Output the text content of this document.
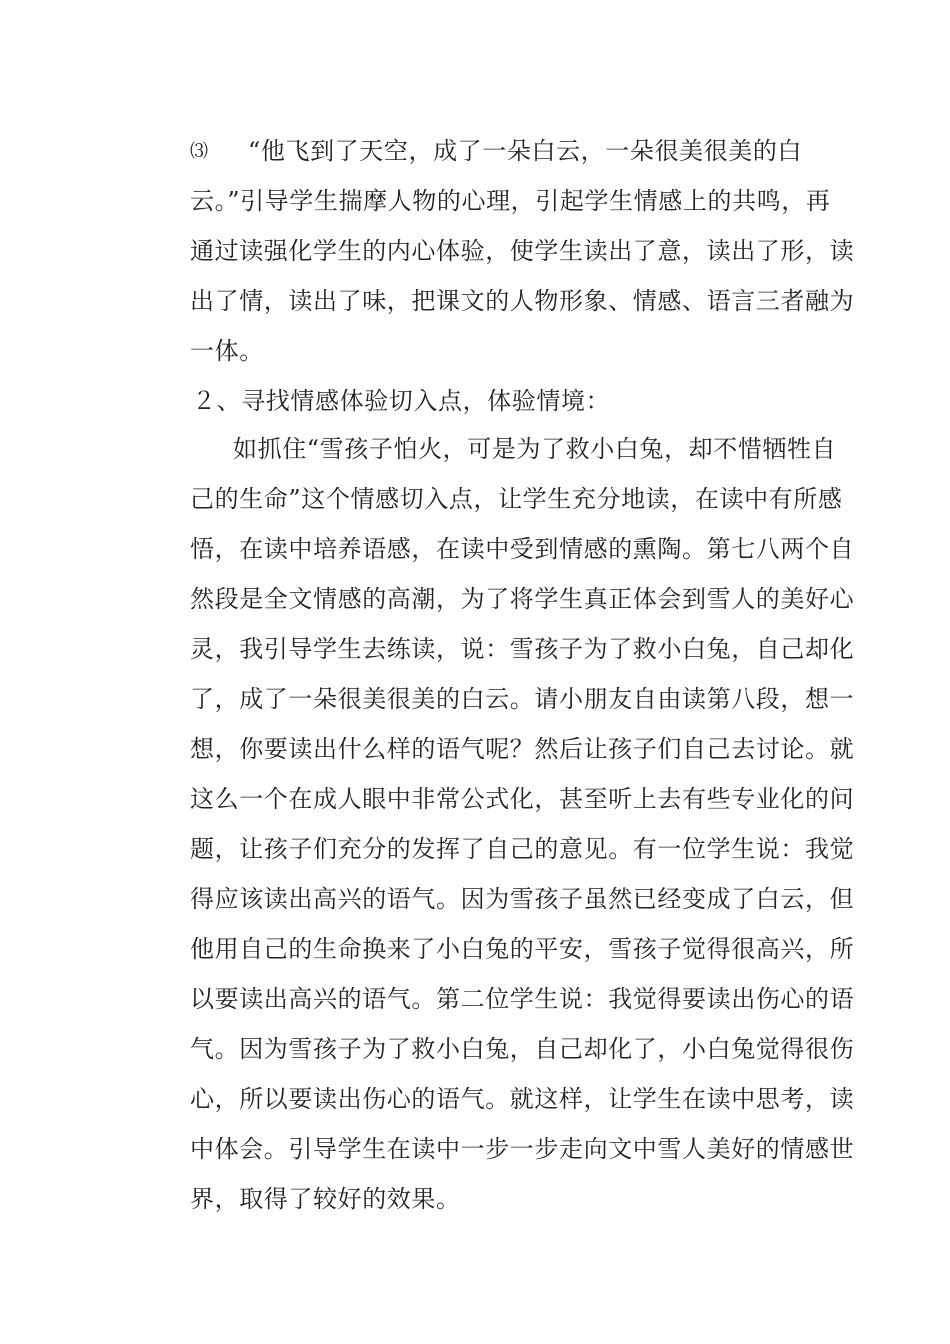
⑶ “他飞到了天空，成了一朵白云，一朵很美很美的白
云。”引导学生揣摩人物的心理，引起学生情感上的共鸣，再
通过读强化学生的内心体验，使学生读出了意，读出了形，读
出了情，读出了味，把课文的人物形象、情感、语言三者融为
一体。
２、寻找情感体验切入点，体验情境：
如抓住“雪孩子怕火，可是为了救小白兔，却不惜牺牲自
己的生命”这个情感切入点，让学生充分地读，在读中有所感
悟，在读中培养语感，在读中受到情感的熏陶。第七八两个自
然段是全文情感的高潮，为了将学生真正体会到雪人的美好心
灵，我引导学生去练读，说：雪孩子为了救小白兔，自己却化
了，成了一朵很美很美的白云。请小朋友自由读第八段，想一
想，你要读出什么样的语气呢？然后让孩子们自己去讨论。就
这么一个在成人眼中非常公式化，甚至听上去有些专业化的问
题，让孩子们充分的发挥了自己的意见。有一位学生说：我觉
得应该读出高兴的语气。因为雪孩子虽然已经变成了白云，但
他用自己的生命换来了小白兔的平安，雪孩子觉得很高兴，所
以要读出高兴的语气。第二位学生说：我觉得要读出伤心的语
气。因为雪孩子为了救小白兔，自己却化了，小白兔觉得很伤
心，所以要读出伤心的语气。就这样，让学生在读中思考，读
中体会。引导学生在读中一步一步走向文中雪人美好的情感世
界，取得了较好的效果。
